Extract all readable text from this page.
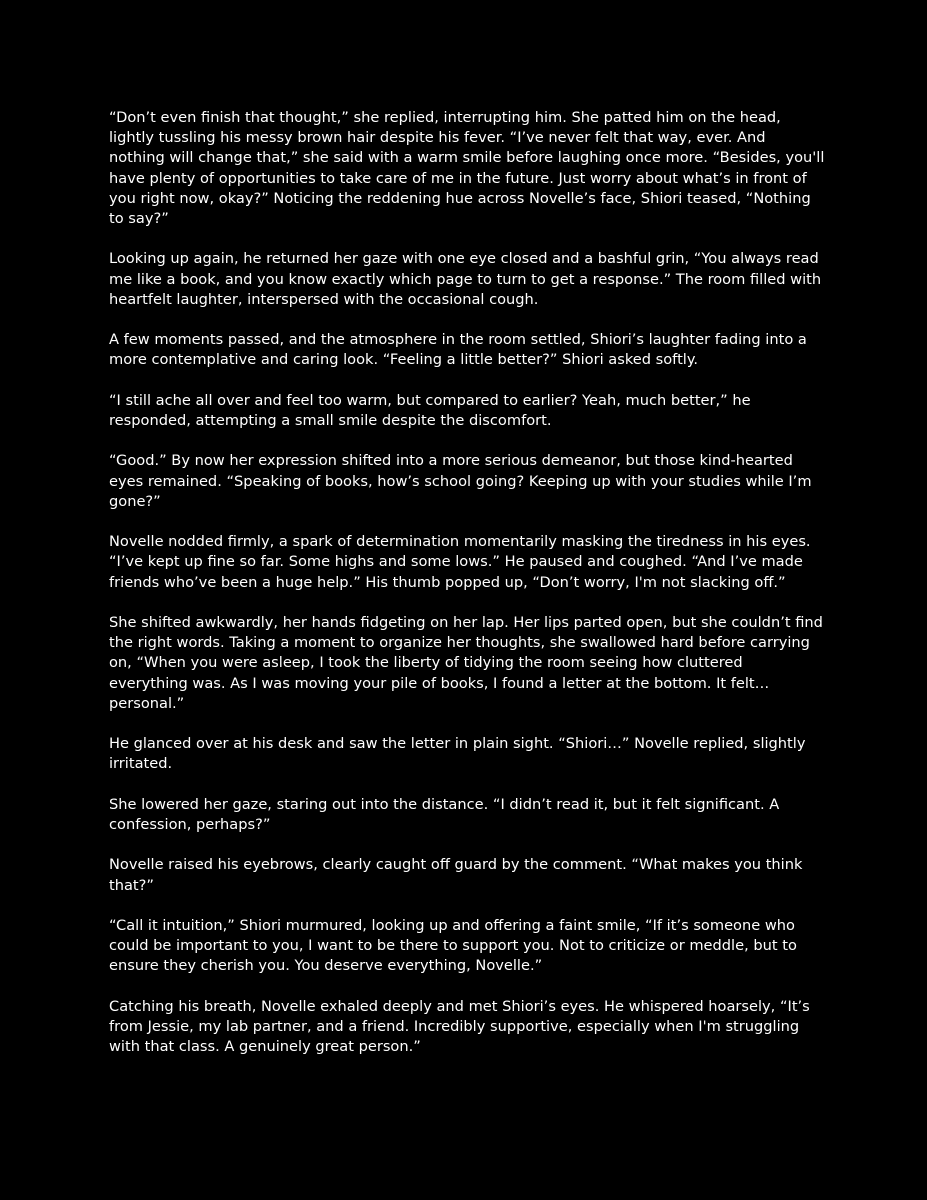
“Don’t even finish that thought,” she replied, interrupting him. She patted him on the head, lightly tussling his messy brown hair despite his fever. “I’ve never felt that way, ever. And nothing will change that,” she said with a warm smile before laughing once more. “Besides, you'll have plenty of opportunities to take care of me in the future. Just worry about what’s in front of you right now, okay?” Noticing the reddening hue across Novelle’s face, Shiori teased, “Nothing to say?”

Looking up again, he returned her gaze with one eye closed and a bashful grin, “You always read me like a book, and you know exactly which page to turn to get a response.” The room filled with heartfelt laughter, interspersed with the occasional cough.

A few moments passed, and the atmosphere in the room settled, Shiori’s laughter fading into a more contemplative and caring look. “Feeling a little better?” Shiori asked softly.

“I still ache all over and feel too warm, but compared to earlier? Yeah, much better,” he responded, attempting a small smile despite the discomfort.

“Good.” By now her expression shifted into a more serious demeanor, but those kind-hearted eyes remained. “Speaking of books, how’s school going? Keeping up with your studies while I’m gone?”

Novelle nodded firmly, a spark of determination momentarily masking the tiredness in his eyes. “I’ve kept up fine so far. Some highs and some lows.” He paused and coughed. “And I’ve made friends who’ve been a huge help.” His thumb popped up, “Don’t worry, I'm not slacking off.”

She shifted awkwardly, her hands fidgeting on her lap. Her lips parted open, but she couldn’t find the right words. Taking a moment to organize her thoughts, she swallowed hard before carrying on, “When you were asleep, I took the liberty of tidying the room seeing how cluttered everything was. As I was moving your pile of books, I found a letter at the bottom. It felt… personal.”

He glanced over at his desk and saw the letter in plain sight. “Shiori…” Novelle replied, slightly irritated.

She lowered her gaze, staring out into the distance. “I didn’t read it, but it felt significant. A confession, perhaps?”

Novelle raised his eyebrows, clearly caught off guard by the comment. “What makes you think that?”

“Call it intuition,” Shiori murmured, looking up and offering a faint smile, “If it’s someone who could be important to you, I want to be there to support you. Not to criticize or meddle, but to ensure they cherish you. You deserve everything, Novelle.”

Catching his breath, Novelle exhaled deeply and met Shiori’s eyes. He whispered hoarsely, “It’s from Jessie, my lab partner, and a friend. Incredibly supportive, especially when I'm struggling with that class. A genuinely great person.”
